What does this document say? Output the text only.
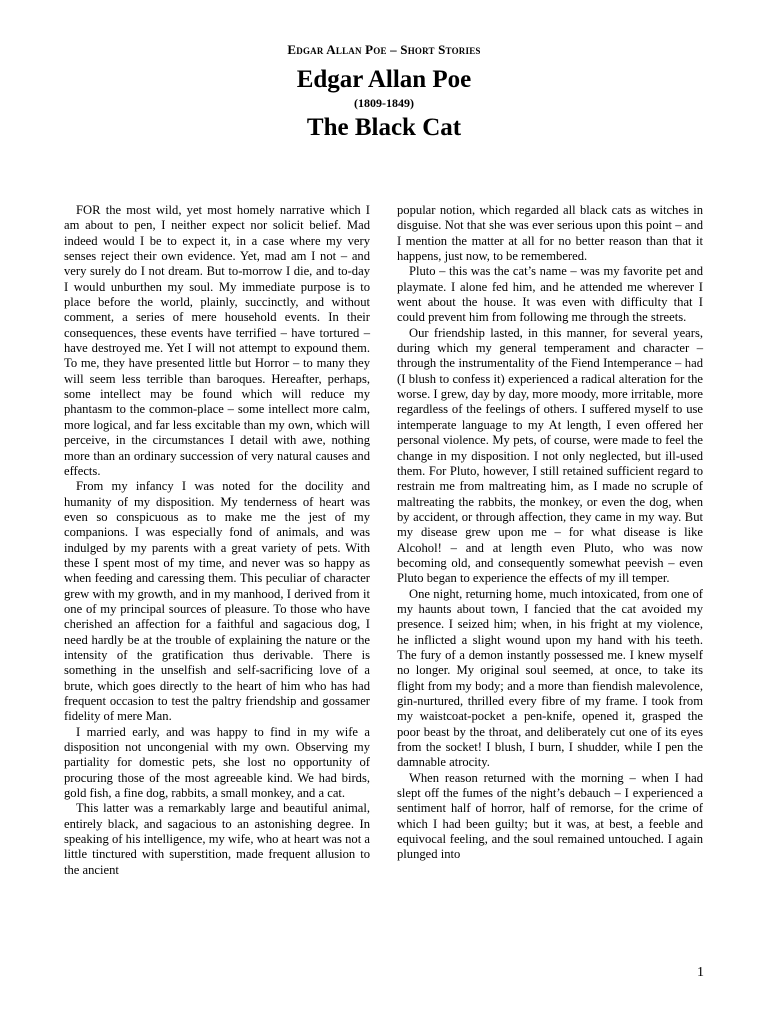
Edgar Allan Poe – Short Stories
Edgar Allan Poe
(1809-1849)
The Black Cat

FOR the most wild, yet most homely narrative which I am about to pen, I neither expect nor solicit belief. Mad indeed would I be to expect it, in a case where my very senses reject their own evidence. Yet, mad am I not – and very surely do I not dream. But to-morrow I die, and to-day I would unburthen my soul. My immediate purpose is to place before the world, plainly, succinctly, and without comment, a series of mere household events. In their consequences, these events have terrified – have tortured – have destroyed me. Yet I will not attempt to expound them. To me, they have presented little but Horror – to many they will seem less terrible than baroques. Hereafter, perhaps, some intellect may be found which will reduce my phantasm to the common-place – some intellect more calm, more logical, and far less excitable than my own, which will perceive, in the circumstances I detail with awe, nothing more than an ordinary succession of very natural causes and effects.

From my infancy I was noted for the docility and humanity of my disposition. My tenderness of heart was even so conspicuous as to make me the jest of my companions. I was especially fond of animals, and was indulged by my parents with a great variety of pets. With these I spent most of my time, and never was so happy as when feeding and caressing them. This peculiar of character grew with my growth, and in my manhood, I derived from it one of my principal sources of pleasure. To those who have cherished an affection for a faithful and sagacious dog, I need hardly be at the trouble of explaining the nature or the intensity of the gratification thus derivable. There is something in the unselfish and self-sacrificing love of a brute, which goes directly to the heart of him who has had frequent occasion to test the paltry friendship and gossamer fidelity of mere Man.

I married early, and was happy to find in my wife a disposition not uncongenial with my own. Observing my partiality for domestic pets, she lost no opportunity of procuring those of the most agreeable kind. We had birds, gold fish, a fine dog, rabbits, a small monkey, and a cat.

This latter was a remarkably large and beautiful animal, entirely black, and sagacious to an astonishing degree. In speaking of his intelligence, my wife, who at heart was not a little tinctured with superstition, made frequent allusion to the ancient

popular notion, which regarded all black cats as witches in disguise. Not that she was ever serious upon this point – and I mention the matter at all for no better reason than that it happens, just now, to be remembered.

Pluto – this was the cat’s name – was my favorite pet and playmate. I alone fed him, and he attended me wherever I went about the house. It was even with difficulty that I could prevent him from following me through the streets.

Our friendship lasted, in this manner, for several years, during which my general temperament and character – through the instrumentality of the Fiend Intemperance – had (I blush to confess it) experienced a radical alteration for the worse. I grew, day by day, more moody, more irritable, more regardless of the feelings of others. I suffered myself to use intemperate language to my At length, I even offered her personal violence. My pets, of course, were made to feel the change in my disposition. I not only neglected, but ill-used them. For Pluto, however, I still retained sufficient regard to restrain me from maltreating him, as I made no scruple of maltreating the rabbits, the monkey, or even the dog, when by accident, or through affection, they came in my way. But my disease grew upon me – for what disease is like Alcohol! – and at length even Pluto, who was now becoming old, and consequently somewhat peevish – even Pluto began to experience the effects of my ill temper.

One night, returning home, much intoxicated, from one of my haunts about town, I fancied that the cat avoided my presence. I seized him; when, in his fright at my violence, he inflicted a slight wound upon my hand with his teeth. The fury of a demon instantly possessed me. I knew myself no longer. My original soul seemed, at once, to take its flight from my body; and a more than fiendish malevolence, gin-nurtured, thrilled every fibre of my frame. I took from my waistcoat-pocket a pen-knife, opened it, grasped the poor beast by the throat, and deliberately cut one of its eyes from the socket! I blush, I burn, I shudder, while I pen the damnable atrocity.

When reason returned with the morning – when I had slept off the fumes of the night’s debauch – I experienced a sentiment half of horror, half of remorse, for the crime of which I had been guilty; but it was, at best, a feeble and equivocal feeling, and the soul remained untouched. I again plunged into

1
